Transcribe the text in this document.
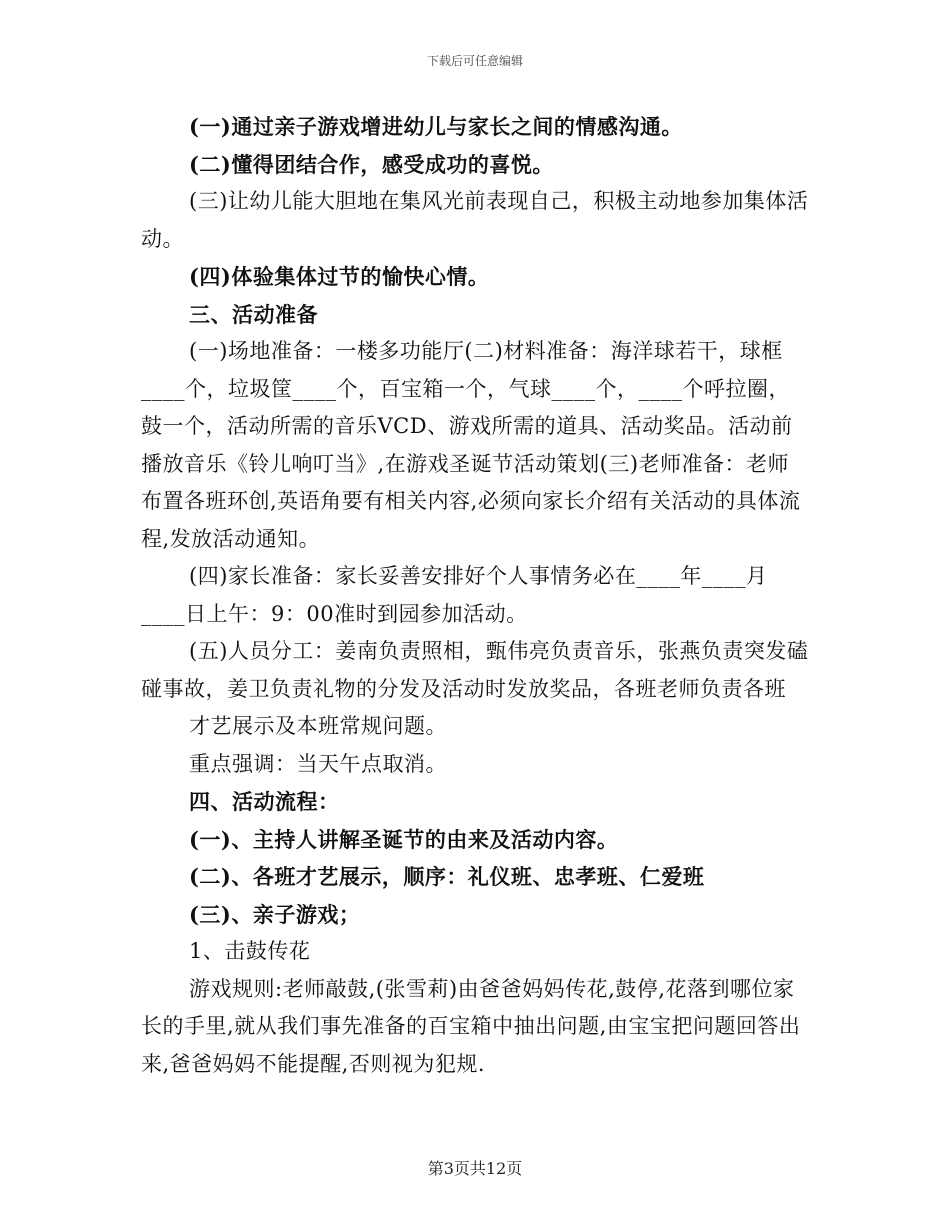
下载后可任意编辑

(一)通过亲子游戏增进幼儿与家长之间的情感沟通。

(二)懂得团结合作，感受成功的喜悦。

(三)让幼儿能大胆地在集风光前表现自己，积极主动地参加集体活动。

(四)体验集体过节的愉快心情。

三、活动准备

(一)场地准备：一楼多功能厅(二)材料准备：海洋球若干，球框____个，垃圾筐____个，百宝箱一个，气球____个，____个呼拉圈，鼓一个，活动所需的音乐VCD、游戏所需的道具、活动奖品。活动前播放音乐《铃儿响叮当》,在游戏圣诞节活动策划(三)老师准备：老师布置各班环创,英语角要有相关内容,必须向家长介绍有关活动的具体流程,发放活动通知。

(四)家长准备：家长妥善安排好个人事情务必在____年____月____日上午：9：00准时到园参加活动。

(五)人员分工：姜南负责照相，甄伟亮负责音乐，张燕负责突发磕碰事故，姜卫负责礼物的分发及活动时发放奖品，各班老师负责各班

才艺展示及本班常规问题。

重点强调：当天午点取消。

四、活动流程：

(一)、主持人讲解圣诞节的由来及活动内容。

(二)、各班才艺展示，顺序：礼仪班、忠孝班、仁爱班

(三)、亲子游戏；

1、击鼓传花

游戏规则:老师敲鼓,(张雪莉)由爸爸妈妈传花,鼓停,花落到哪位家长的手里,就从我们事先准备的百宝箱中抽出问题,由宝宝把问题回答出来,爸爸妈妈不能提醒,否则视为犯规.

第3页共12页
